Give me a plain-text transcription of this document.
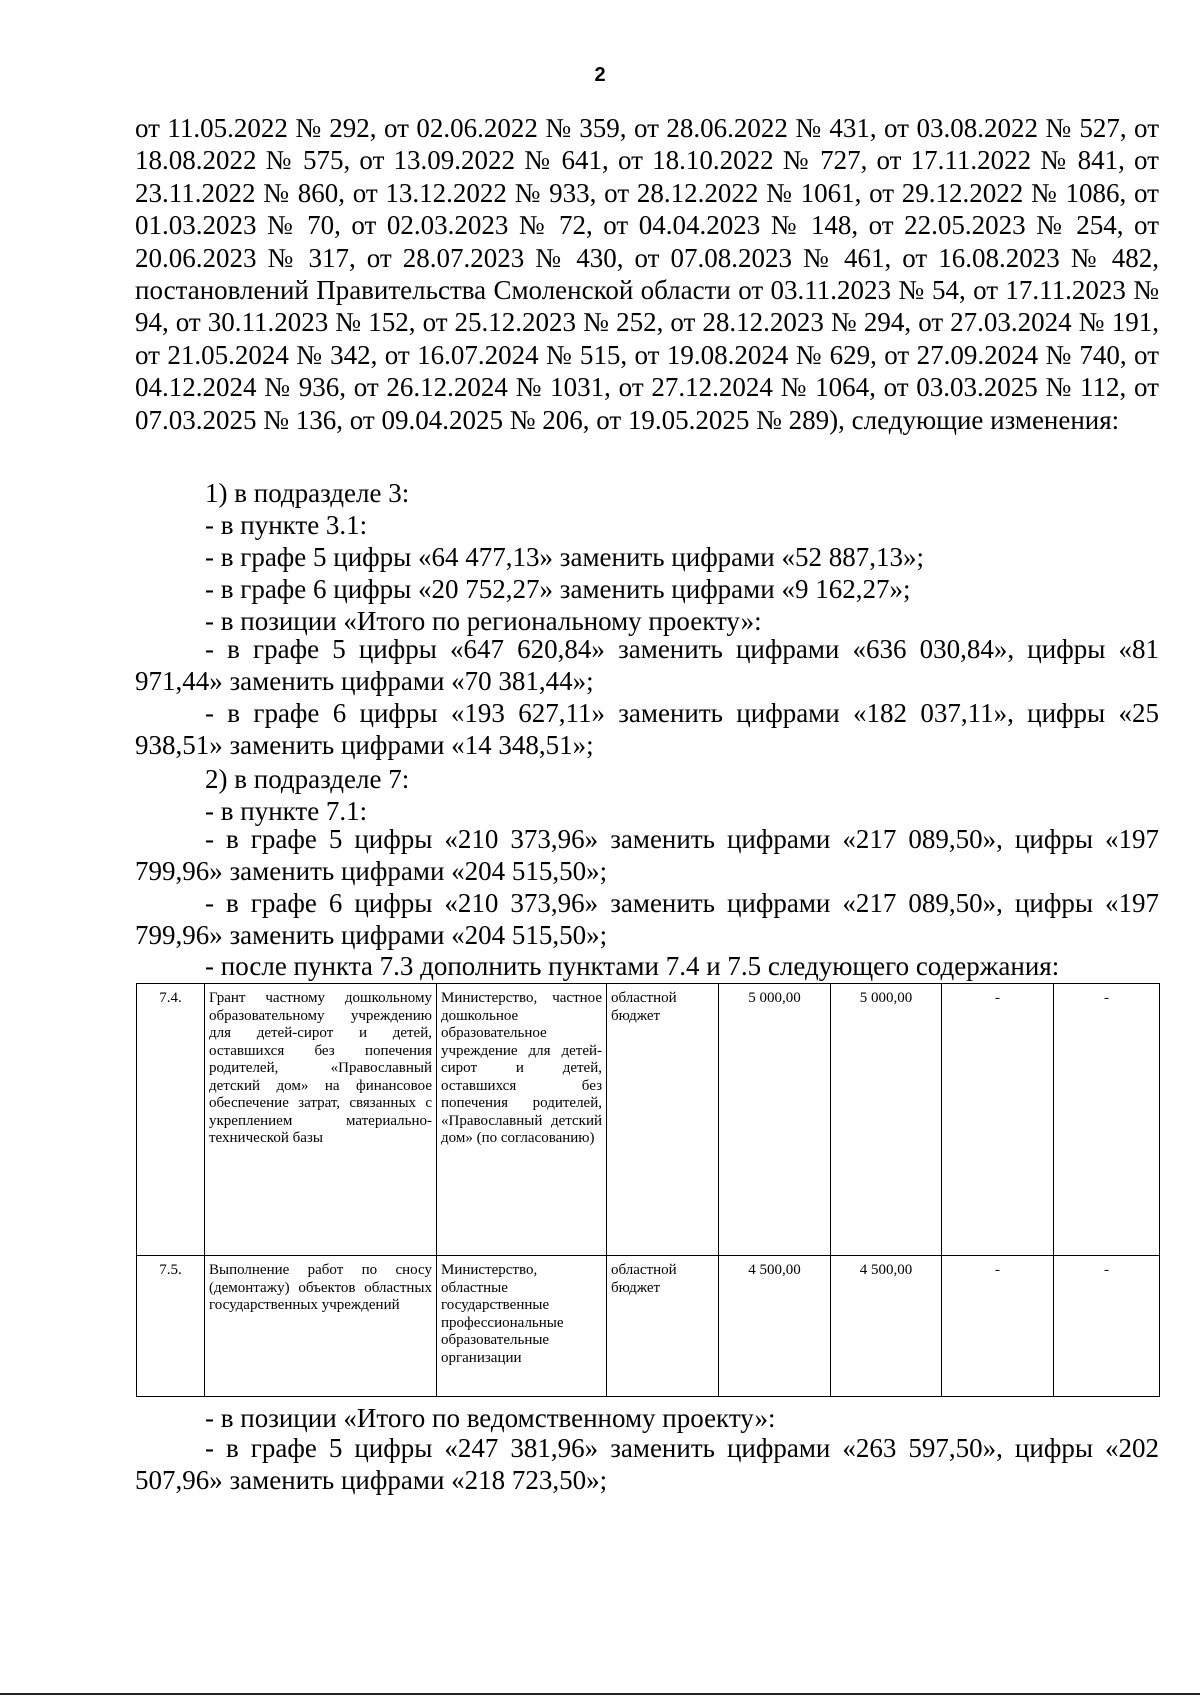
2

от 11.05.2022 № 292, от 02.06.2022 № 359, от 28.06.2022 № 431, от 03.08.2022 № 527, от 18.08.2022 № 575, от 13.09.2022 № 641, от 18.10.2022 № 727, от 17.11.2022 № 841, от 23.11.2022 № 860, от 13.12.2022 № 933, от 28.12.2022 № 1061, от 29.12.2022 № 1086, от 01.03.2023 № 70, от 02.03.2023 № 72, от 04.04.2023 № 148, от 22.05.2023 № 254, от 20.06.2023 № 317, от 28.07.2023 № 430, от 07.08.2023 № 461, от 16.08.2023 № 482, постановлений Правительства Смоленской области от 03.11.2023 № 54, от 17.11.2023 № 94, от 30.11.2023 № 152, от 25.12.2023 № 252, от 28.12.2023 № 294, от 27.03.2024 № 191, от 21.05.2024 № 342, от 16.07.2024 № 515, от 19.08.2024 № 629, от 27.09.2024 № 740, от 04.12.2024 № 936, от 26.12.2024 № 1031, от 27.12.2024 № 1064, от 03.03.2025 № 112, от 07.03.2025 № 136, от 09.04.2025 № 206, от 19.05.2025 № 289), следующие изменения:

1) в подразделе 3:
- в пункте 3.1:
- в графе 5 цифры «64 477,13» заменить цифрами «52 887,13»;
- в графе 6 цифры «20 752,27» заменить цифрами «9 162,27»;
- в позиции «Итого по региональному проекту»:

- в графе 5 цифры «647 620,84» заменить цифрами «636 030,84», цифры «81 971,44» заменить цифрами «70 381,44»;

- в графе 6 цифры «193 627,11» заменить цифрами «182 037,11», цифры «25 938,51» заменить цифрами «14 348,51»;

2) в подразделе 7:
- в пункте 7.1:

- в графе 5 цифры «210 373,96» заменить цифрами «217 089,50», цифры «197 799,96» заменить цифрами «204 515,50»;

- в графе 6 цифры «210 373,96» заменить цифрами «217 089,50», цифры «197 799,96» заменить цифрами «204 515,50»;

- после пункта 7.3 дополнить пунктами 7.4 и 7.5 следующего содержания:
7.4.	Грант частному дошкольному образовательному учреждению для детей-сирот и детей, оставшихся без попечения родителей, «Православный детский дом» на финансовое обеспечение затрат, связанных с укреплением материально-технической базы	Министерство, частное дошкольное образовательное учреждение для детей-сирот и детей, оставшихся без попечения родителей, «Православный детский дом» (по согласованию)	областной бюджет	5 000,00	5 000,00	-	-
7.5.	Выполнение работ по сносу (демонтажу) объектов областных государственных учреждений	Министерство, областные государственные профессиональные образовательные организации	областной бюджет	4 500,00	4 500,00	-	-
- в позиции «Итого по ведомственному проекту»:

- в графе 5 цифры «247 381,96» заменить цифрами «263 597,50», цифры «202 507,96» заменить цифрами «218 723,50»;
